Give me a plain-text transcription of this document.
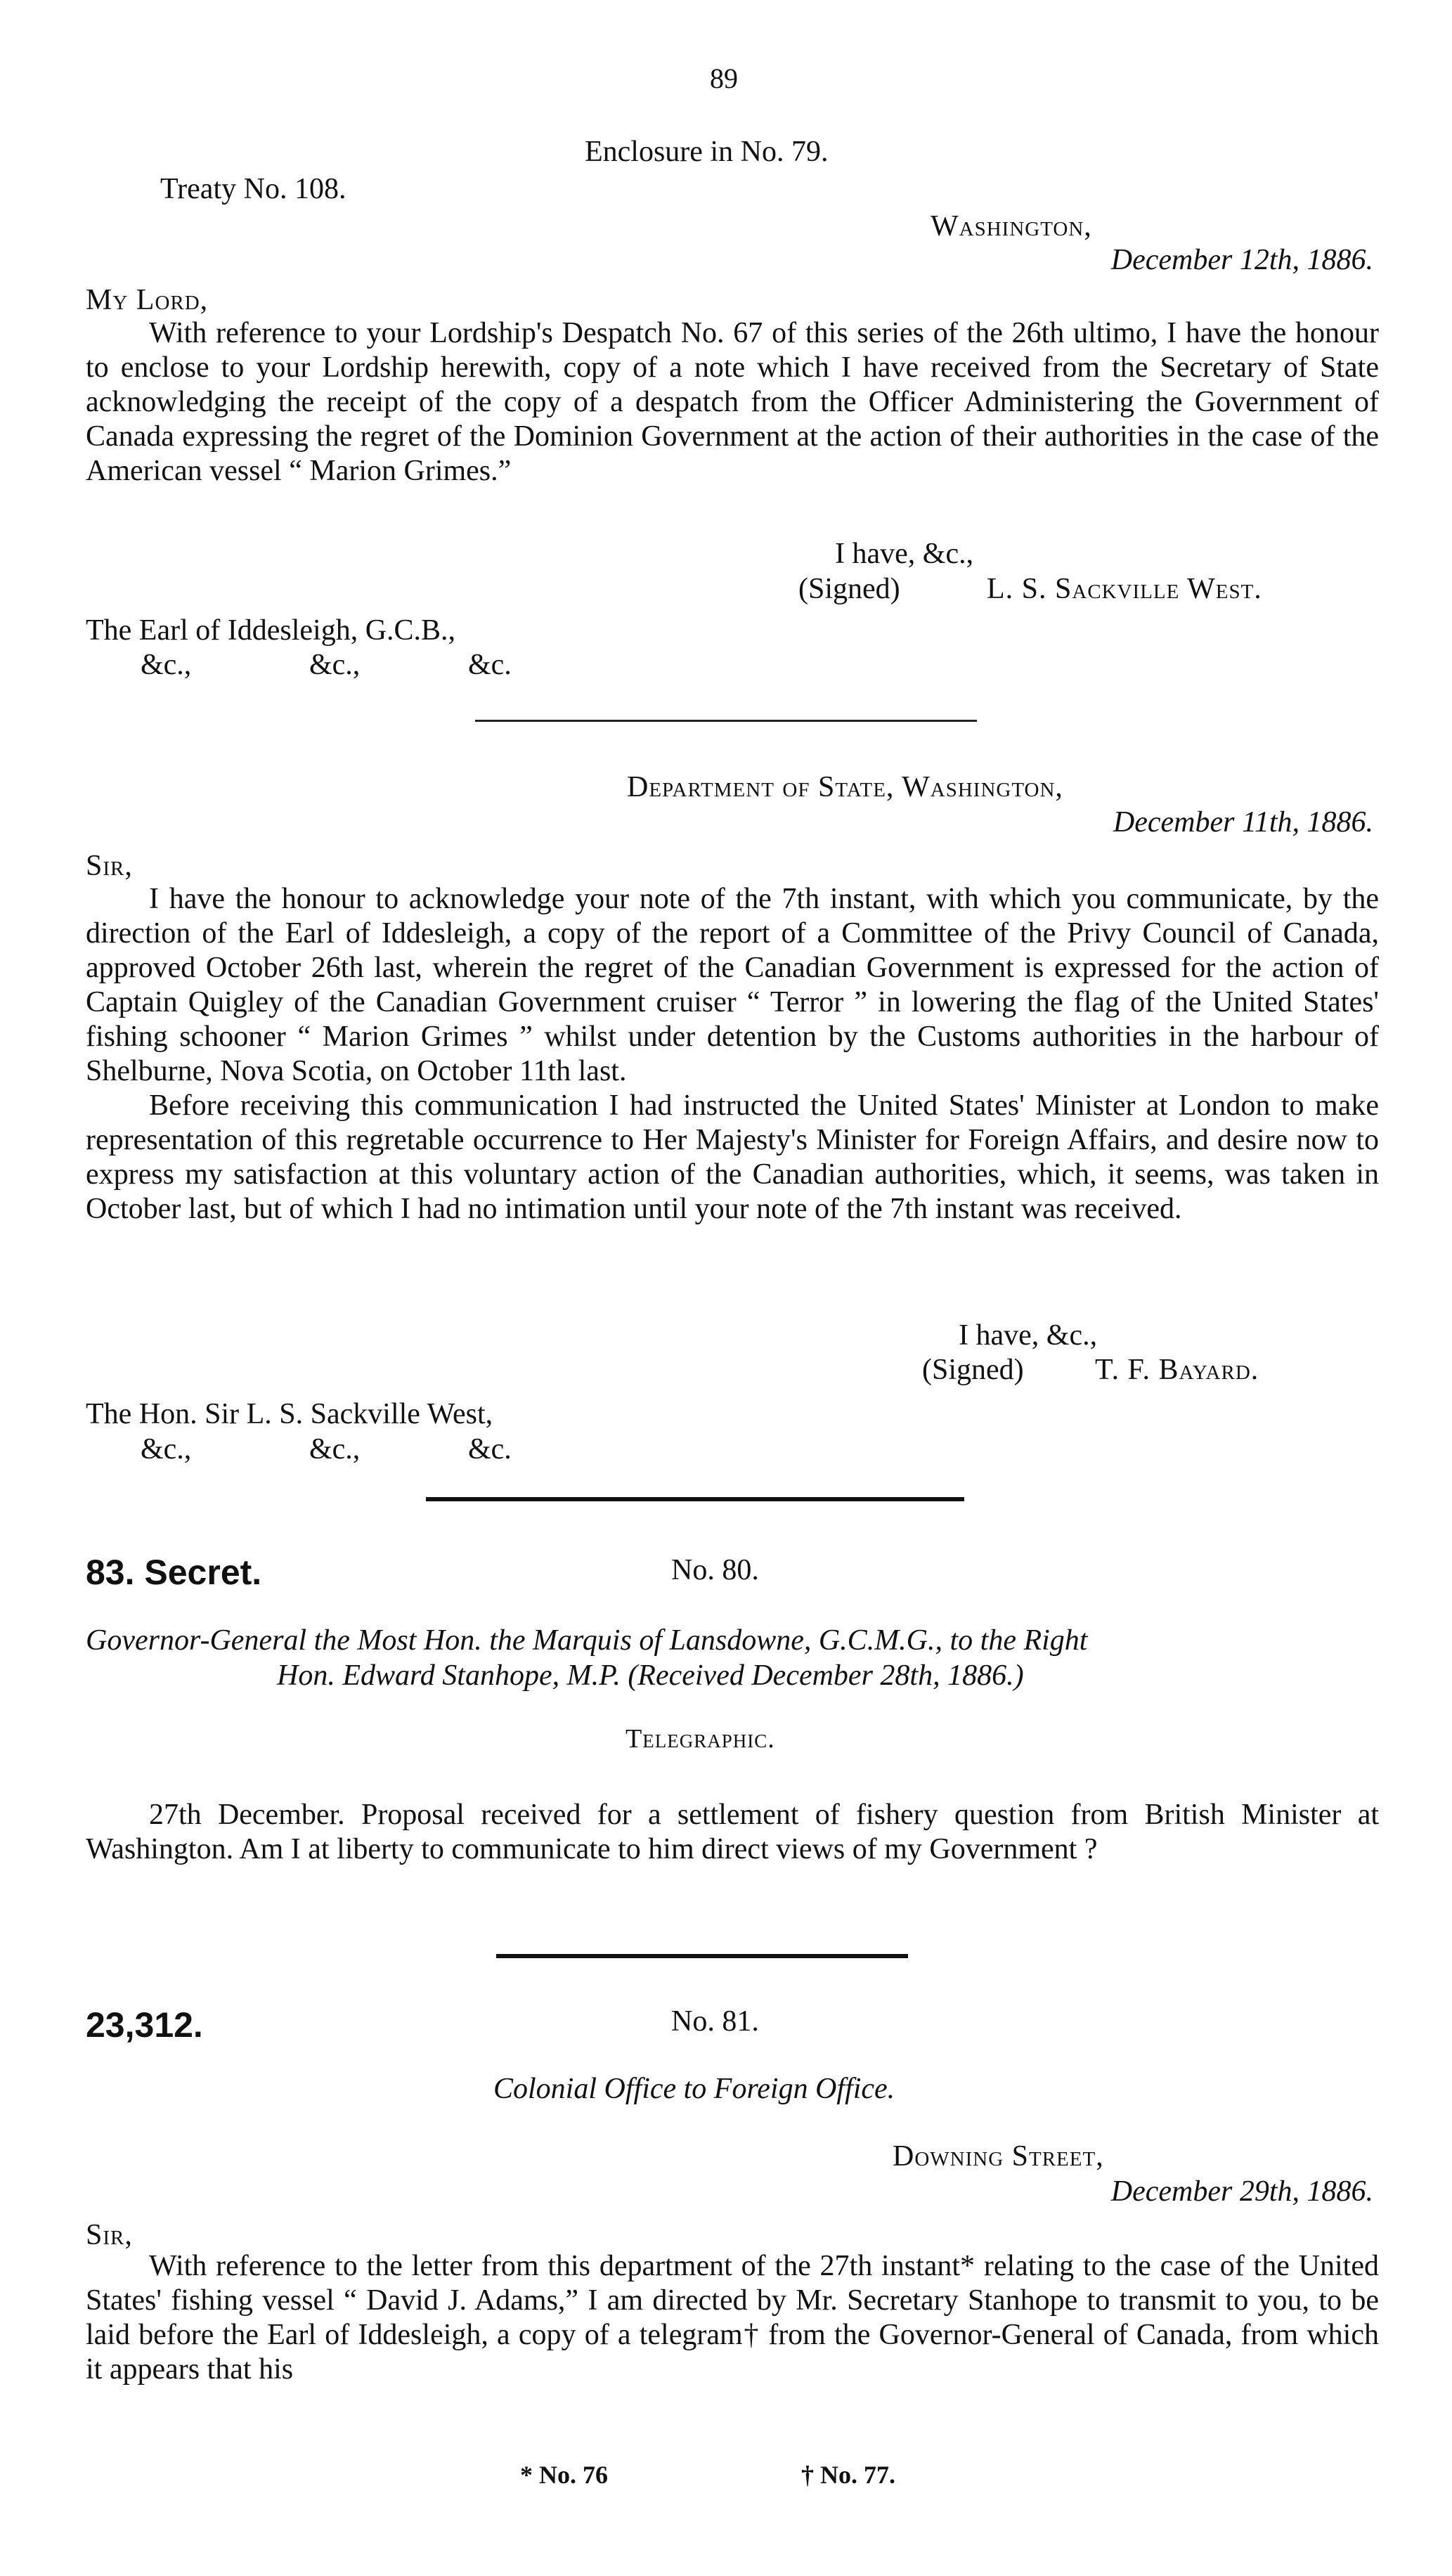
89
Enclosure in No. 79.
Treaty No. 108.
Washington,
December 12th, 1886.
My Lord,

With reference to your Lordship's Despatch No. 67 of this series of the 26th ultimo, I have the honour to enclose to your Lordship herewith, copy of a note which I have received from the Secretary of State acknowledging the receipt of the copy of a despatch from the Officer Administering the Government of Canada expressing the regret of the Dominion Government at the action of their authorities in the case of the American vessel “ Marion Grimes.”

I have, &c.,
(Signed)	L. S. Sackville West.
The Earl of Iddesleigh, G.C.B.,
&c.,	&c.,	&c.
Department of State, Washington,
December 11th, 1886.
Sir,

I have the honour to acknowledge your note of the 7th instant, with which you communicate, by the direction of the Earl of Iddesleigh, a copy of the report of a Committee of the Privy Council of Canada, approved October 26th last, wherein the regret of the Canadian Government is expressed for the action of Captain Quigley of the Canadian Government cruiser “ Terror ” in lowering the flag of the United States' fishing schooner “ Marion Grimes ” whilst under detention by the Customs authorities in the harbour of Shelburne, Nova Scotia, on October 11th last.

Before receiving this communication I had instructed the United States' Minister at London to make representation of this regretable occurrence to Her Majesty's Minister for Foreign Affairs, and desire now to express my satisfaction at this voluntary action of the Canadian authorities, which, it seems, was taken in October last, but of which I had no intimation until your note of the 7th instant was received.

I have, &c.,
(Signed) T. F. Bayard.
The Hon. Sir L. S. Sackville West,
&c.,	&c.,	&c.
83. Secret.	No. 80.
Governor-General the Most Hon. the Marquis of Lansdowne, G.C.M.G., to the Right
Hon. Edward Stanhope, M.P. (Received December 28th, 1886.)
Telegraphic.

27th December. Proposal received for a settlement of fishery question from British Minister at Washington. Am I at liberty to communicate to him direct views of my Government ?

23,312.	No. 81.
Colonial Office to Foreign Office.
Downing Street,
December 29th, 1886.
Sir,

With reference to the letter from this department of the 27th instant* relating to the case of the United States' fishing vessel “ David J. Adams,” I am directed by Mr. Secretary Stanhope to transmit to you, to be laid before the Earl of Iddesleigh, a copy of a telegram† from the Governor-General of Canada, from which it appears that his

* No. 76	† No. 77.
